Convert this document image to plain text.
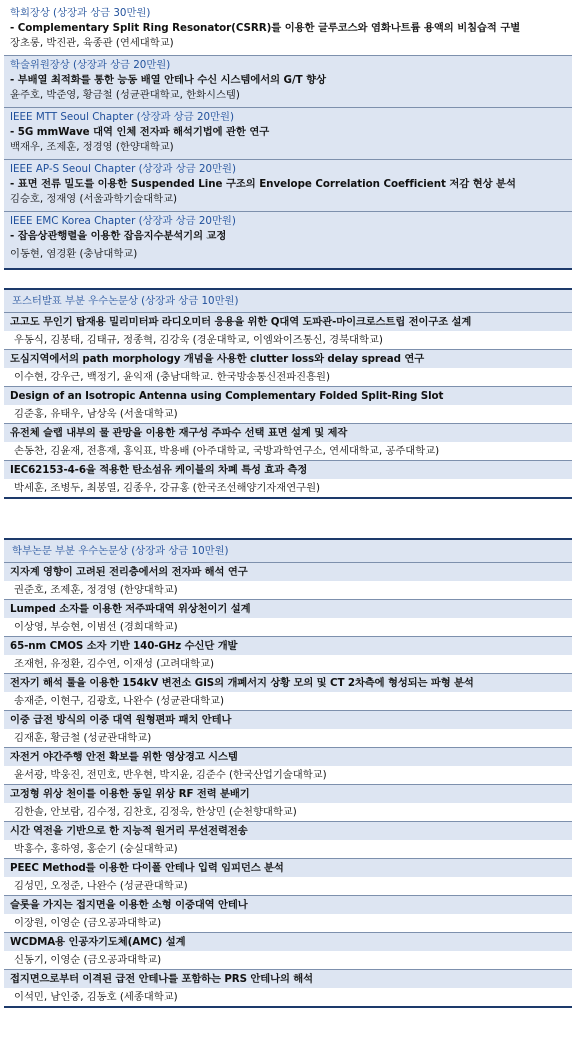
학회장상 (상장과 상금 30만원)
- Complementary Split Ring Resonator(CSRR)를 이용한 글루코스와 염화나트륨 용액의 비침습적 구별
장초롱, 박진관, 육종관 (연세대학교)
학술위원장상 (상장과 상금 20만원)
- 부배열 최적화를 통한 능동 배열 안테나 수신 시스템에서의 G/T 향상
윤주호, 박준영, 황금철 (성균관대학교, 한화시스템)
IEEE MTT Seoul Chapter (상장과 상금 20만원)
- 5G mmWave 대역 인체 전자파 해석기법에 관한 연구
백재우, 조제훈, 정경영 (한양대학교)
IEEE AP-S Seoul Chapter (상장과 상금 20만원)
- 표면 전류 밀도를 이용한 Suspended Line 구조의 Envelope Correlation Coefficient 저감 현상 분석
김승호, 정재영 (서울과학기술대학교)
IEEE EMC Korea Chapter (상장과 상금 20만원)
- 잡음상관행렬을 이용한 잡음지수분석기의 교정
이동현, 염경환 (충남대학교)
포스터발표 부분 우수논문상 (상장과 상금 10만원)
고고도 무인기 탑재용 밀리미터파 라디오미터 응용을 위한 Q대역 도파관-마이크로스트립 전이구조 설계
우동식, 김봉태, 김태규, 정종혁, 김강욱 (경운대학교, 이엠와이즈통신, 경북대학교)
도심지역에서의 path morphology 개념을 사용한 clutter loss와 delay spread 연구
이수현, 강우근, 백정기, 윤익재 (충남대학교. 한국방송통신전파진흥원)
Design of an Isotropic Antenna using Complementary Folded Split-Ring Slot
김준홍, 유태우, 남상욱 (서울대학교)
유전체 슬랩 내부의 물 관망을 이용한 재구성 주파수 선택 표면 설계 및 제작
손동찬, 김윤재, 전흥재, 홍익표, 박용배 (아주대학교, 국방과학연구소, 연세대학교, 공주대학교)
IEC62153-4-6을 적용한 탄소섬유 케이블의 차폐 특성 효과 측정
박세훈, 조병두, 최봉열, 김종우, 강규홍 (한국조선해양기자재연구원)
학부논문 부분 우수논문상 (상장과 상금 10만원)
지자계 영향이 고려된 전리층에서의 전자파 해석 연구
권준호, 조제훈, 정경영 (한양대학교)
Lumped 소자를 이용한 저주파대역 위상천이기 설계
이상영, 부승현, 이범선 (경희대학교)
65-nm CMOS 소자 기반 140-GHz 수신단 개발
조재헌, 유정환, 김수연, 이재성 (고려대학교)
전자기 해석 툴을 이용한 154kV 변전소 GIS의 개폐서지 상황 모의 및 CT 2차측에 형성되는 파형 분석
송재준, 이현구, 김광호, 나완수 (성균관대학교)
이중 급전 방식의 이중 대역 원형편파 패치 안테나
김재훈, 황금철 (성균관대학교)
자전거 야간주행 안전 확보를 위한 영상경고 시스템
윤서광, 박웅진, 전민호, 반우현, 박지윤, 김준수 (한국산업기술대학교)
고정형 위상 천이를 이용한 동일 위상 RF 전력 분배기
김한솔, 안보람, 김수정, 김찬호, 김정욱, 한상민 (순천향대학교)
시간 역전을 기반으로 한 지능적 원거리 무선전력전송
박홍수, 홍하영, 홍순기 (숭실대학교)
PEEC Method를 이용한 다이폴 안테나 입력 임피던스 분석
김성민, 오정준, 나완수 (성균관대학교)
슬롯을 가지는 접지면을 이용한 소형 이중대역 안테나
이장원, 이영순 (금오공과대학교)
WCDMA용 인공자기도체(AMC) 설계
신동기, 이영순 (금오공과대학교)
접지면으로부터 이격된 급전 안테나를 포함하는 PRS 안테나의 해석
이석민, 남인중, 김동호 (세종대학교)
